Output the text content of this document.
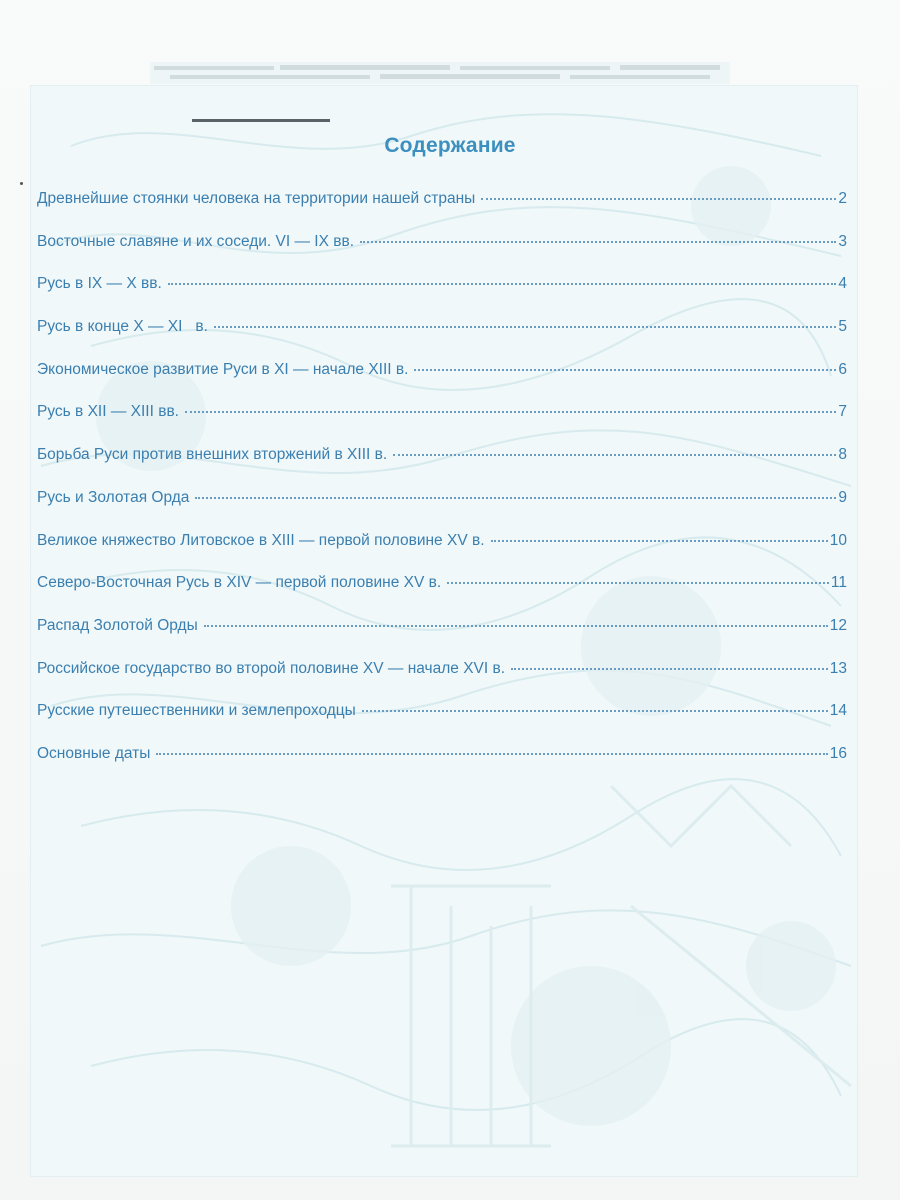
Содержание
Древнейшие стоянки человека на территории нашей страны	2
Восточные славяне и их соседи. VI — IX вв.	3
Русь в IX — X вв.	4
Русь в конце X — XI   в.	5
Экономическое развитие Руси в XI — начале XIII в.	6
Русь в XII — XIII вв.	7
Борьба Руси против внешних вторжений в XIII в.	8
Русь и Золотая Орда	9
Великое княжество Литовское в XIII — первой половине XV в.	10
Северо-Восточная Русь в XIV — первой половине XV в.	11
Распад Золотой Орды	12
Российское государство во второй половине XV — начале XVI в.	13
Русские путешественники и землепроходцы	14
Основные даты	16
